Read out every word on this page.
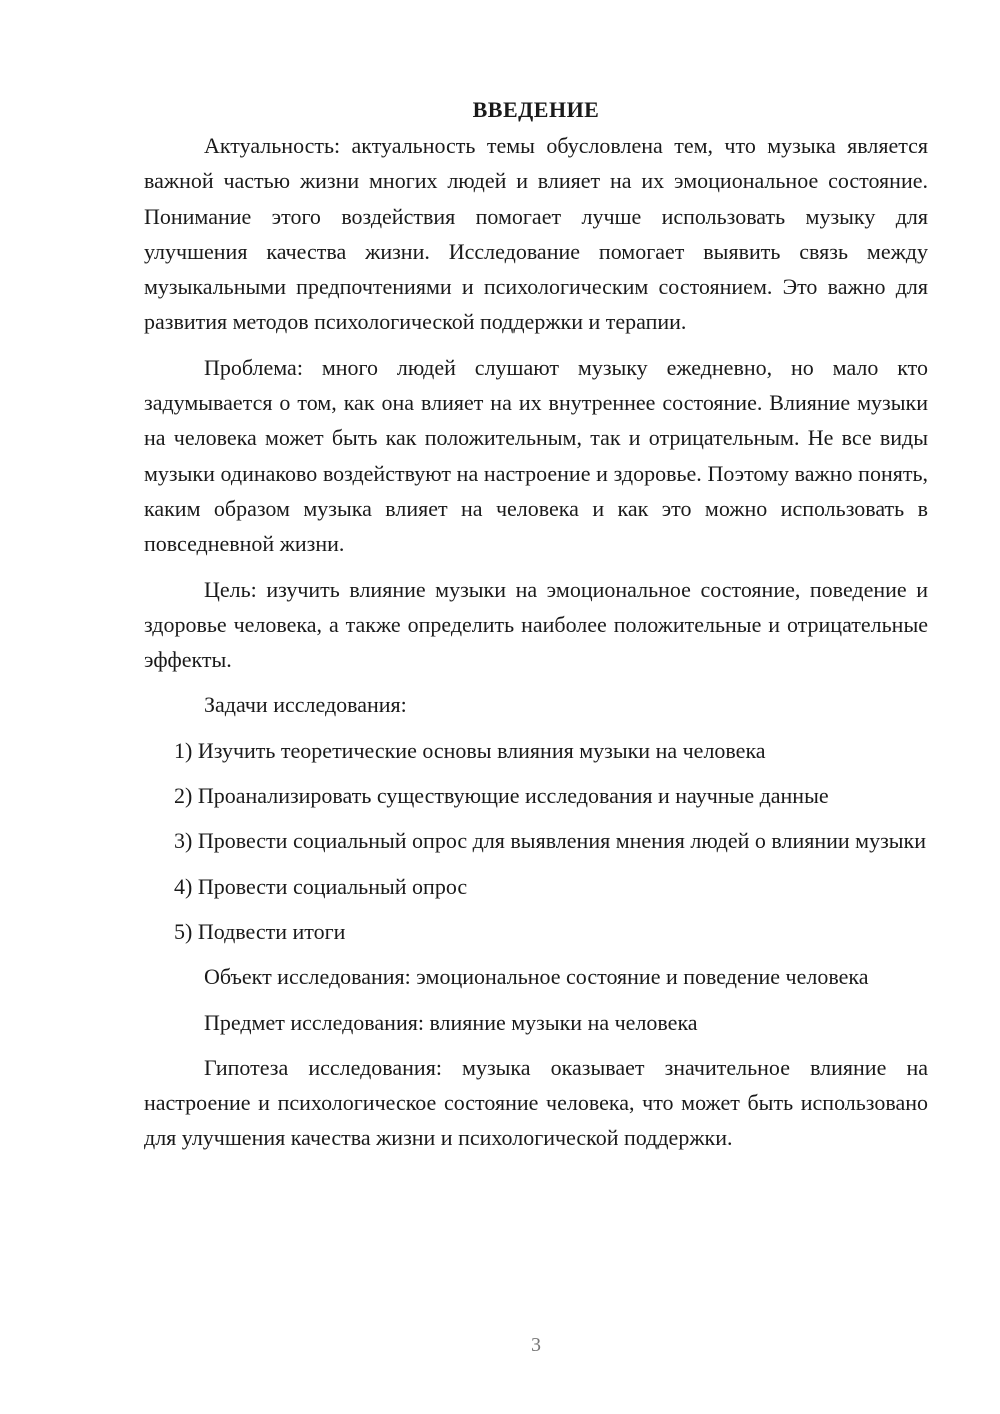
ВВЕДЕНИЕ

Актуальность: актуальность темы обусловлена тем, что музыка является важной частью жизни многих людей и влияет на их эмоциональное состояние. Понимание этого воздействия помогает лучше использовать музыку для улучшения качества жизни. Исследование помогает выявить связь между музыкальными предпочтениями и психологическим состоянием. Это важно для развития методов психологической поддержки и терапии.

Проблема: много людей слушают музыку ежедневно, но мало кто задумывается о том, как она влияет на их внутреннее состояние. Влияние музыки на человека может быть как положительным, так и отрицательным. Не все виды музыки одинаково воздействуют на настроение и здоровье. Поэтому важно понять, каким образом музыка влияет на человека и как это можно использовать в повседневной жизни.

Цель: изучить влияние музыки на эмоциональное состояние, поведение и здоровье человека, а также определить наиболее положительные и отрицательные эффекты.

Задачи исследования:

1) Изучить теоретические основы влияния музыки на человека

2) Проанализировать существующие исследования и научные данные

3) Провести социальный опрос для выявления мнения людей о влиянии музыки

4) Провести социальный опрос

5) Подвести итоги

Объект исследования: эмоциональное состояние и поведение человека

Предмет исследования: влияние музыки на человека

Гипотеза исследования: музыка оказывает значительное влияние на настроение и психологическое состояние человека, что может быть использовано для улучшения качества жизни и психологической поддержки.

3
